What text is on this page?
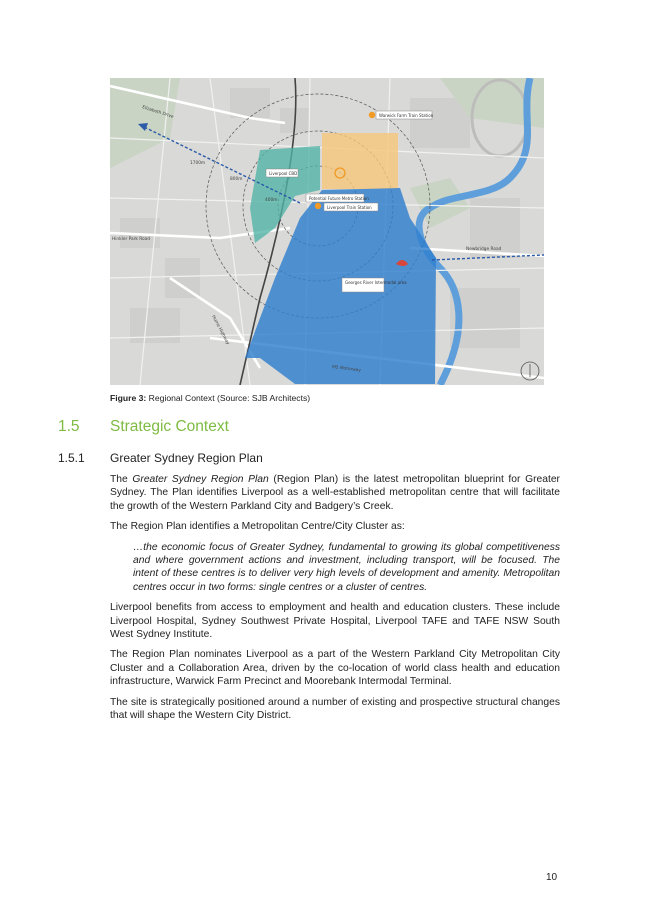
Elizabeth Drive
Hinkler Park Road
Hume Highway
Newbridge Road
M5 Motorway
1700m
800m
400m
Warwick Farm Train Station
Liverpool CBD
Potential Future Metro Station
Liverpool Train Station
Georges River Intermodal area
Figure 3: Regional Context (Source: SJB Architects)
1.5 Strategic Context
1.5.1 Greater Sydney Region Plan

The Greater Sydney Region Plan (Region Plan) is the latest metropolitan blueprint for Greater Sydney. The Plan identifies Liverpool as a well-established metropolitan centre that will facilitate the growth of the Western Parkland City and Badgery’s Creek.

The Region Plan identifies a Metropolitan Centre/City Cluster as:

…the economic focus of Greater Sydney, fundamental to growing its global competitiveness and where government actions and investment, including transport, will be focused. The intent of these centres is to deliver very high levels of development and amenity. Metropolitan centres occur in two forms: single centres or a cluster of centres.

Liverpool benefits from access to employment and health and education clusters. These include Liverpool Hospital, Sydney Southwest Private Hospital, Liverpool TAFE and TAFE NSW South West Sydney Institute.

The Region Plan nominates Liverpool as a part of the Western Parkland City Metropolitan City Cluster and a Collaboration Area, driven by the co-location of world class health and education infrastructure, Warwick Farm Precinct and Moorebank Intermodal Terminal.

The site is strategically positioned around a number of existing and prospective structural changes that will shape the Western City District.

10
